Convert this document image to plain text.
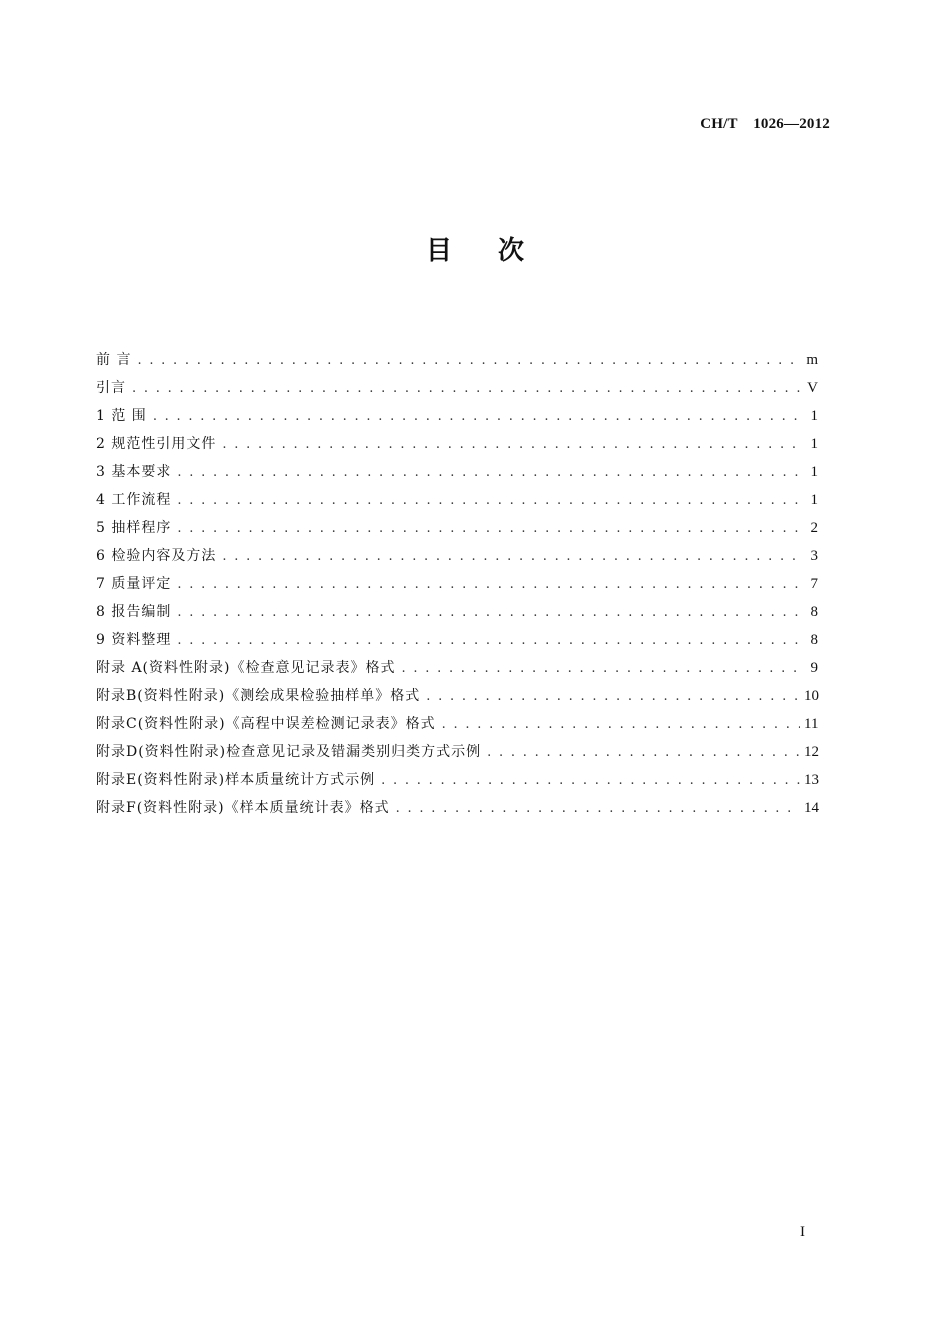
CH/T    1026—2012
目 次
前 言 . . .	m
引言 . . .	V
1 范 围 . . .	1
2 规范性引用文件 . . .	1
3 基本要求 . . .	1
4 工作流程 . . .	1
5 抽样程序 . . .	2
6 检验内容及方法 . . .	3
7 质量评定 . . .	7
8 报告编制 . . .	8
9 资料整理 . . .	8
附录 A(资料性附录)《检查意见记录表》格式 . . .	9
附录B(资料性附录)《测绘成果检验抽样单》格式 . . .	10
附录C(资料性附录)《高程中误差检测记录表》格式 . . .	11
附录D(资料性附录)检查意见记录及错漏类别归类方式示例 . . .	12
附录E(资料性附录)样本质量统计方式示例 . . .	13
附录F(资料性附录)《样本质量统计表》格式 . . .	14
I
